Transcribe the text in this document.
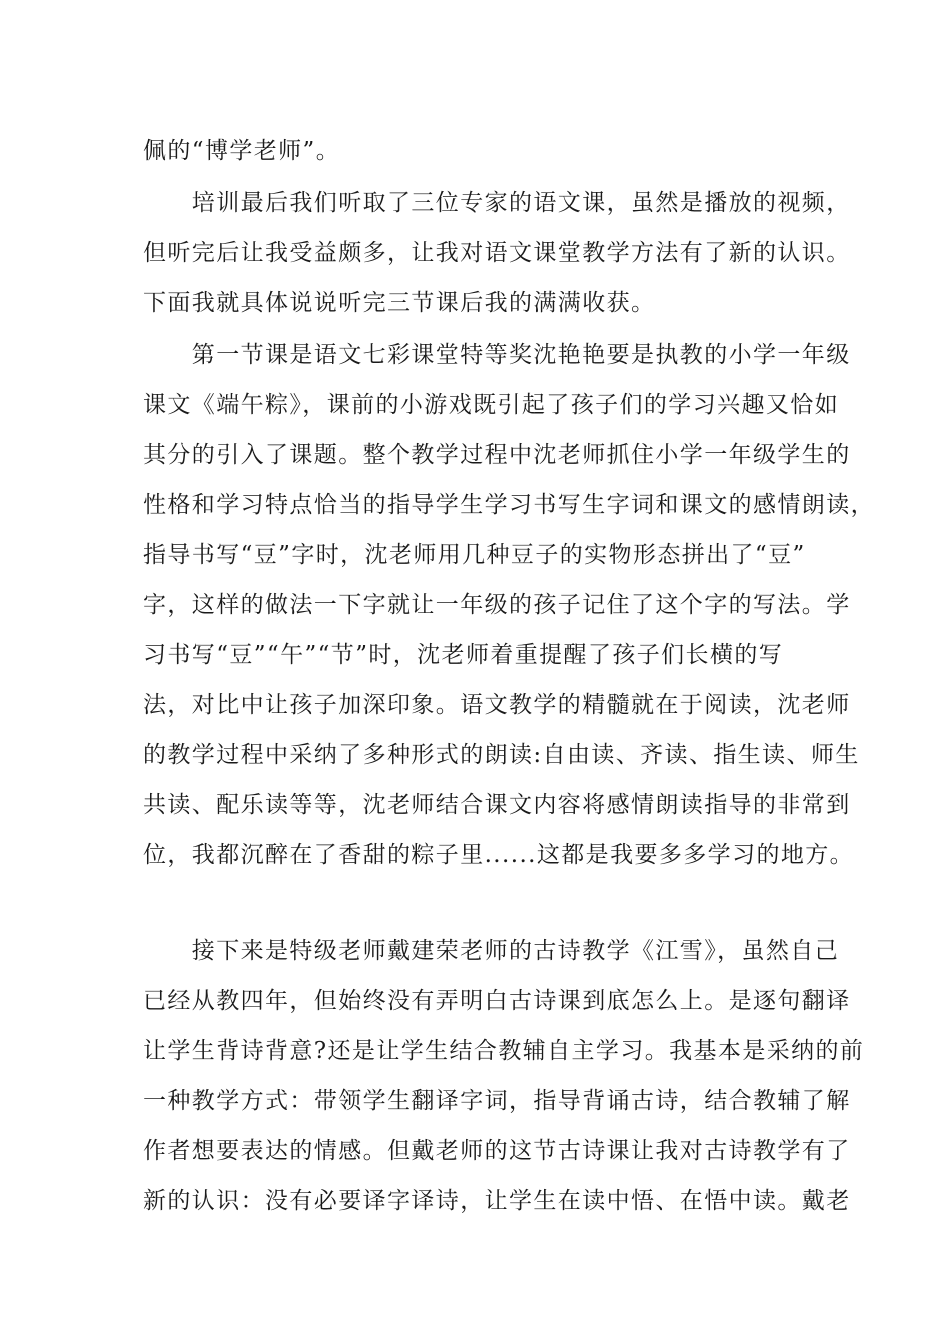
佩的“博学老师”。
　　培训最后我们听取了三位专家的语文课，虽然是播放的视频，
但听完后让我受益颇多，让我对语文课堂教学方法有了新的认识。
下面我就具体说说听完三节课后我的满满收获。
　　第一节课是语文七彩课堂特等奖沈艳艳要是执教的小学一年级
课文《端午粽》，课前的小游戏既引起了孩子们的学习兴趣又恰如
其分的引入了课题。整个教学过程中沈老师抓住小学一年级学生的
性格和学习特点恰当的指导学生学习书写生字词和课文的感情朗读，
指导书写“豆”字时，沈老师用几种豆子的实物形态拼出了“豆”
字，这样的做法一下字就让一年级的孩子记住了这个字的写法。学
习书写“豆”“午”“节”时，沈老师着重提醒了孩子们长横的写
法，对比中让孩子加深印象。语文教学的精髓就在于阅读，沈老师
的教学过程中采纳了多种形式的朗读:自由读、齐读、指生读、师生
共读、配乐读等等，沈老师结合课文内容将感情朗读指导的非常到
位，我都沉醉在了香甜的粽子里......这都是我要多多学习的地方。
　　接下来是特级老师戴建荣老师的古诗教学《江雪》，虽然自己
已经从教四年，但始终没有弄明白古诗课到底怎么上。是逐句翻译
让学生背诗背意?还是让学生结合教辅自主学习。我基本是采纳的前
一种教学方式：带领学生翻译字词，指导背诵古诗，结合教辅了解
作者想要表达的情感。但戴老师的这节古诗课让我对古诗教学有了
新的认识：没有必要译字译诗，让学生在读中悟、在悟中读。戴老
